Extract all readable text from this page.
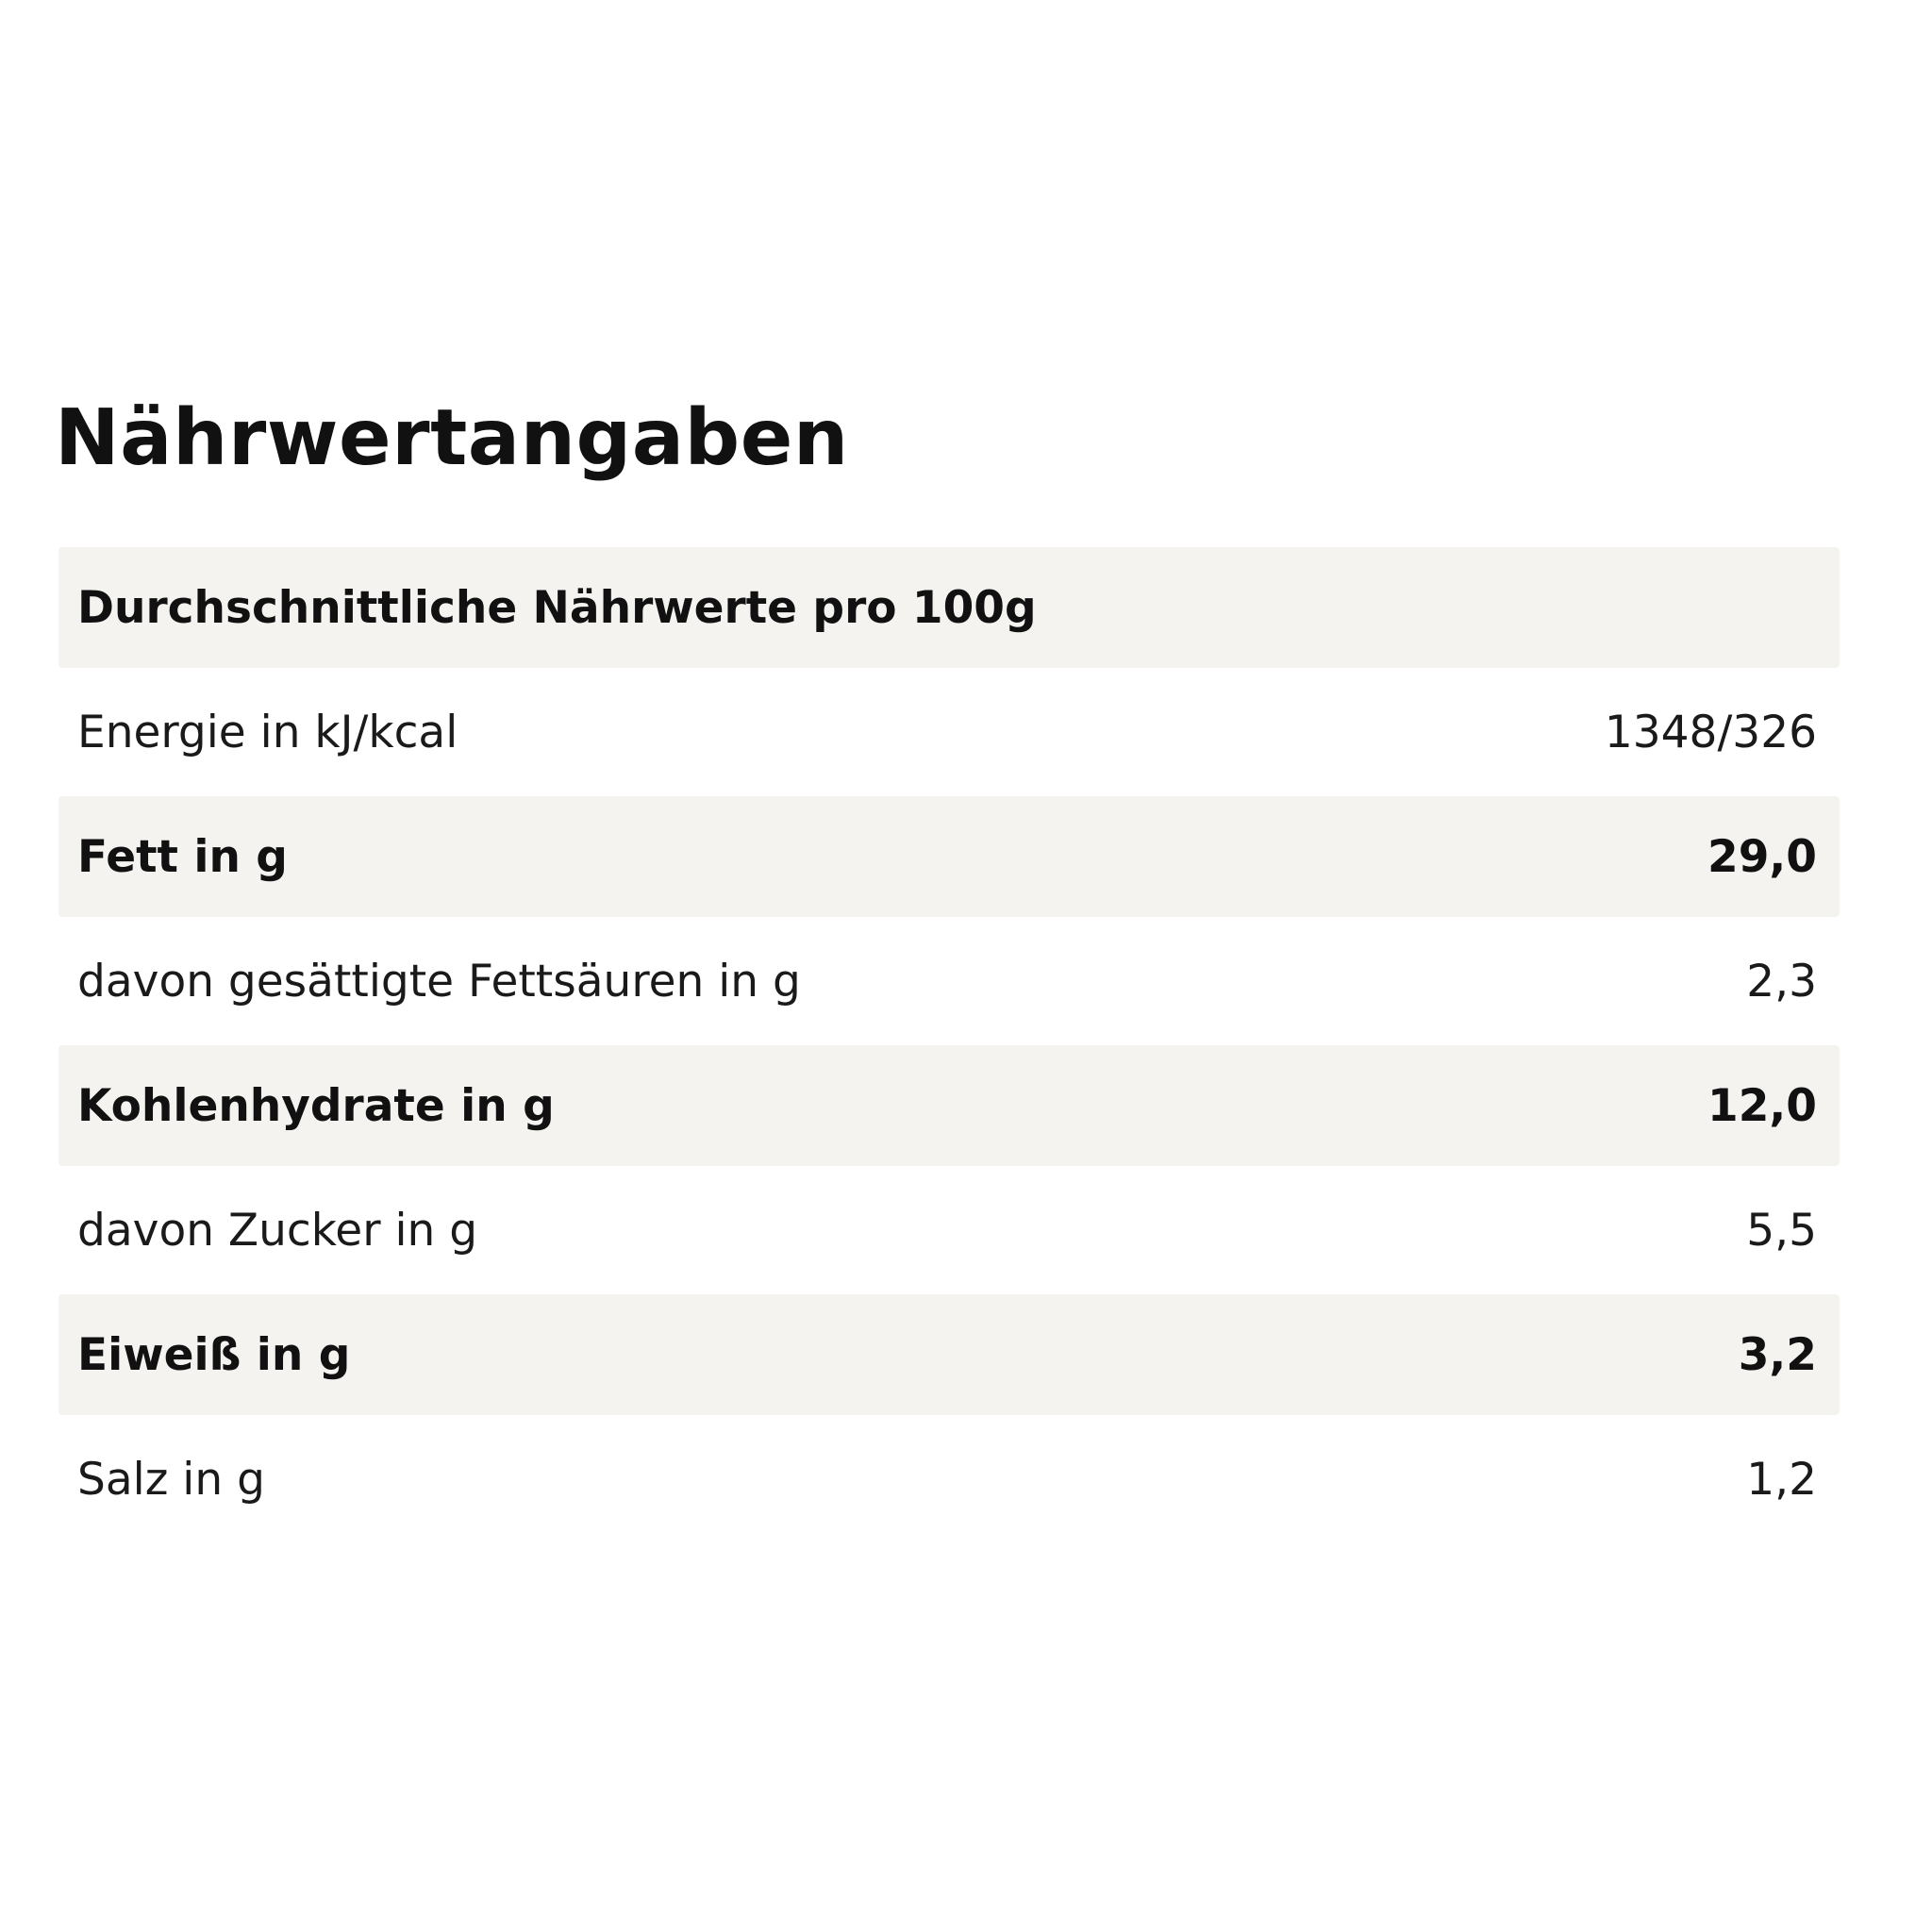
Nährwertangaben
Durchschnittliche Nährwerte pro 100g
Energie in kJ/kcal	1348/326
Fett in g	29,0
davon gesättigte Fettsäuren in g	2,3
Kohlenhydrate in g	12,0
davon Zucker in g	5,5
Eiweiß in g	3,2
Salz in g	1,2
